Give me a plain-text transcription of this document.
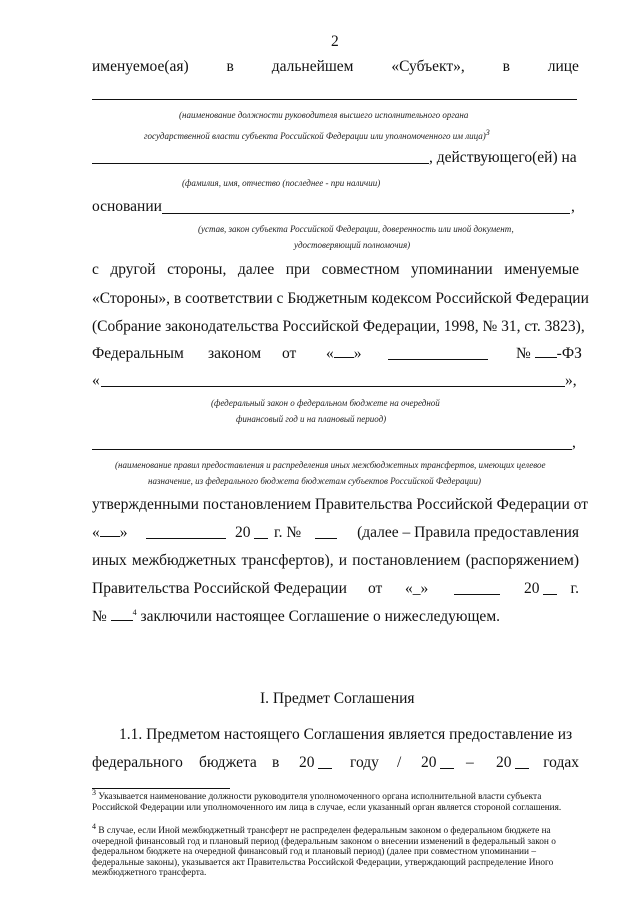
2
именуемое(ая) в дальнейшем «Субъект», в лице
(наименование должности руководителя высшего исполнительного органа
государственной власти субъекта Российской Федерации или уполномоченного им лица)$^3$
, действующего(ей) на
(фамилия, имя, отчество (последнее - при наличии)
основании	,
(устав, закон субъекта Российской Федерации, доверенность или иной документ,
удостоверяющий полномочия)
с другой стороны, далее при совместном упоминании именуемые
«Стороны», в соответствии с Бюджетным кодексом Российской Федерации
(Собрание законодательства Российской Федерации, 1998, № 31, ст. 3823),
Федеральным законом от « »	№ -ФЗ
«	»,
(федеральный закон о федеральном бюджете на очередной
финансовый год и на плановый период)
,
(наименование правил предоставления и распределения иных межбюджетных трансфертов, имеющих целевое
назначение, из федерального бюджета бюджетам субъектов Российской Федерации)
утвержденными постановлением Правительства Российской Федерации от
« »	20 г. №	(далее – Правила предоставления
иных межбюджетных трансфертов), и постановлением (распоряжением)
Правительства Российской Федерации от «_»	20 г.
№	$^4$ заключили настоящее Соглашение о нижеследующем.
I. Предмет Соглашения
1.1. Предметом настоящего Соглашения является предоставление из
федерального бюджета в 20 году / 20 – 20 годах
$^3$ Указывается наименование должности руководителя уполномоченного органа исполнительной власти субъекта Российской Федерации или уполномоченного им лица в случае, если указанный орган является стороной соглашения.
$^4$ В случае, если Иной межбюджетный трансферт не распределен федеральным законом о федеральном бюджете на очередной финансовый год и плановый период (федеральным законом о внесении изменений в федеральный закон о федеральном бюджете на очередной финансовый год и плановый период) (далее при совместном упоминании – федеральные законы), указывается акт Правительства Российской Федерации, утверждающий распределение Иного межбюджетного трансферта.
